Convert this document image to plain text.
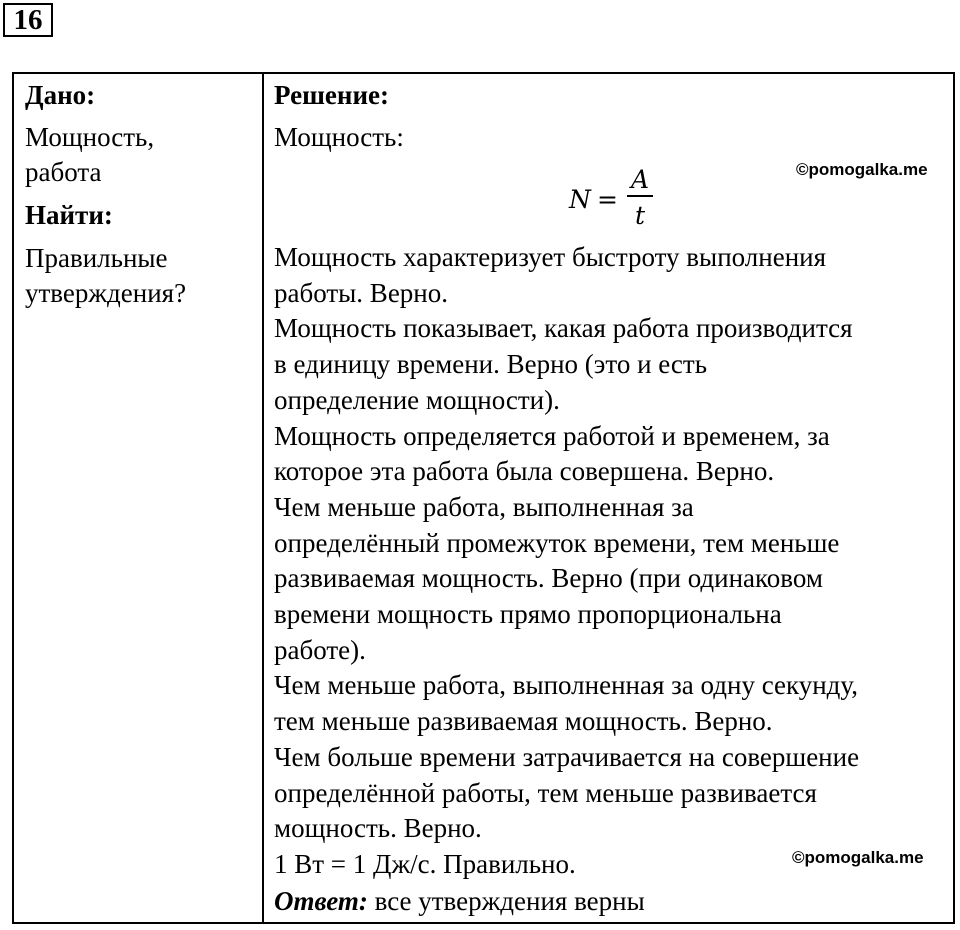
16
Дано:
Мощность,
работа
Найти:
Правильные
утверждения?
Решение:
Мощность:
N =
A
t
Мощность характеризует быстроту выполнения
работы. Верно.
Мощность показывает, какая работа производится
в единицу времени. Верно (это и есть
определение мощности).
Мощность определяется работой и временем, за
которое эта работа была совершена. Верно.
Чем меньше работа, выполненная за
определённый промежуток времени, тем меньше
развиваемая мощность. Верно (при одинаковом
времени мощность прямо пропорциональна
работе).
Чем меньше работа, выполненная за одну секунду,
тем меньше развиваемая мощность. Верно.
Чем больше времени затрачивается на совершение
определённой работы, тем меньше развивается
мощность. Верно.
1 Вт = 1 Дж/с. Правильно.
Ответ: все утверждения верны
©pomogalka.me
©pomogalka.me
